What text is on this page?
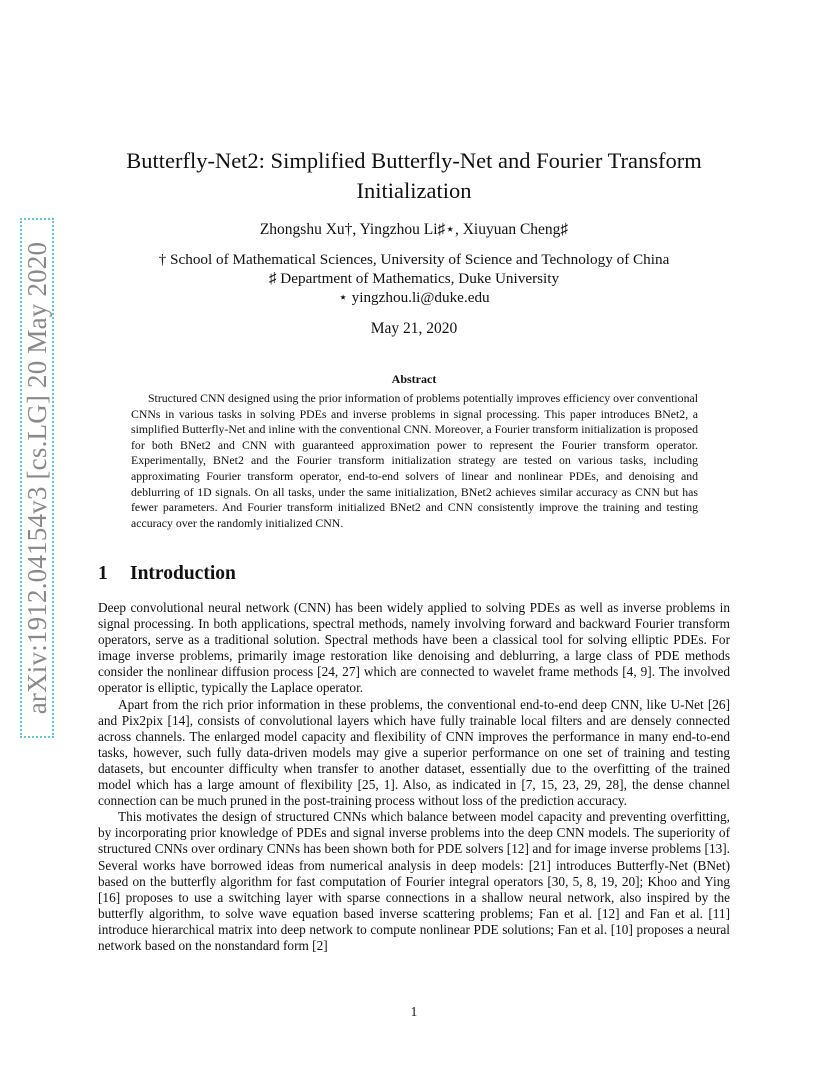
arXiv:1912.04154v3 [cs.LG] 20 May 2020
Butterfly-Net2: Simplified Butterfly-Net and Fourier Transform
Initialization
Zhongshu Xu†, Yingzhou Li♯⋆, Xiuyuan Cheng♯
† School of Mathematical Sciences, University of Science and Technology of China
♯ Department of Mathematics, Duke University
⋆ yingzhou.li@duke.edu
May 21, 2020
Abstract

Structured CNN designed using the prior information of problems potentially improves efficiency over conventional CNNs in various tasks in solving PDEs and inverse problems in signal processing. This paper introduces BNet2, a simplified Butterfly-Net and inline with the conventional CNN. Moreover, a Fourier transform initialization is proposed for both BNet2 and CNN with guaranteed approximation power to represent the Fourier transform operator. Experimentally, BNet2 and the Fourier transform initialization strategy are tested on various tasks, including approximating Fourier transform operator, end-to-end solvers of linear and nonlinear PDEs, and denoising and deblurring of 1D signals. On all tasks, under the same initialization, BNet2 achieves similar accuracy as CNN but has fewer parameters. And Fourier transform initialized BNet2 and CNN consistently improve the training and testing accuracy over the randomly initialized CNN.

1 Introduction

Deep convolutional neural network (CNN) has been widely applied to solving PDEs as well as inverse problems in signal processing. In both applications, spectral methods, namely involving forward and backward Fourier transform operators, serve as a traditional solution. Spectral methods have been a classical tool for solving elliptic PDEs. For image inverse problems, primarily image restoration like denoising and deblurring, a large class of PDE methods consider the nonlinear diffusion process [24, 27] which are connected to wavelet frame methods [4, 9]. The involved operator is elliptic, typically the Laplace operator.

Apart from the rich prior information in these problems, the conventional end-to-end deep CNN, like U-Net [26] and Pix2pix [14], consists of convolutional layers which have fully trainable local filters and are densely connected across channels. The enlarged model capacity and flexibility of CNN improves the performance in many end-to-end tasks, however, such fully data-driven models may give a superior performance on one set of training and testing datasets, but encounter difficulty when transfer to another dataset, essentially due to the overfitting of the trained model which has a large amount of flexibility [25, 1]. Also, as indicated in [7, 15, 23, 29, 28], the dense channel connection can be much pruned in the post-training process without loss of the prediction accuracy.

This motivates the design of structured CNNs which balance between model capacity and preventing overfitting, by incorporating prior knowledge of PDEs and signal inverse problems into the deep CNN models. The superiority of structured CNNs over ordinary CNNs has been shown both for PDE solvers [12] and for image inverse problems [13]. Several works have borrowed ideas from numerical analysis in deep models: [21] introduces Butterfly-Net (BNet) based on the butterfly algorithm for fast computation of Fourier integral operators [30, 5, 8, 19, 20]; Khoo and Ying [16] proposes to use a switching layer with sparse connections in a shallow neural network, also inspired by the butterfly algorithm, to solve wave equation based inverse scattering problems; Fan et al. [12] and Fan et al. [11] introduce hierarchical matrix into deep network to compute nonlinear PDE solutions; Fan et al. [10] proposes a neural network based on the nonstandard form [2]

1
